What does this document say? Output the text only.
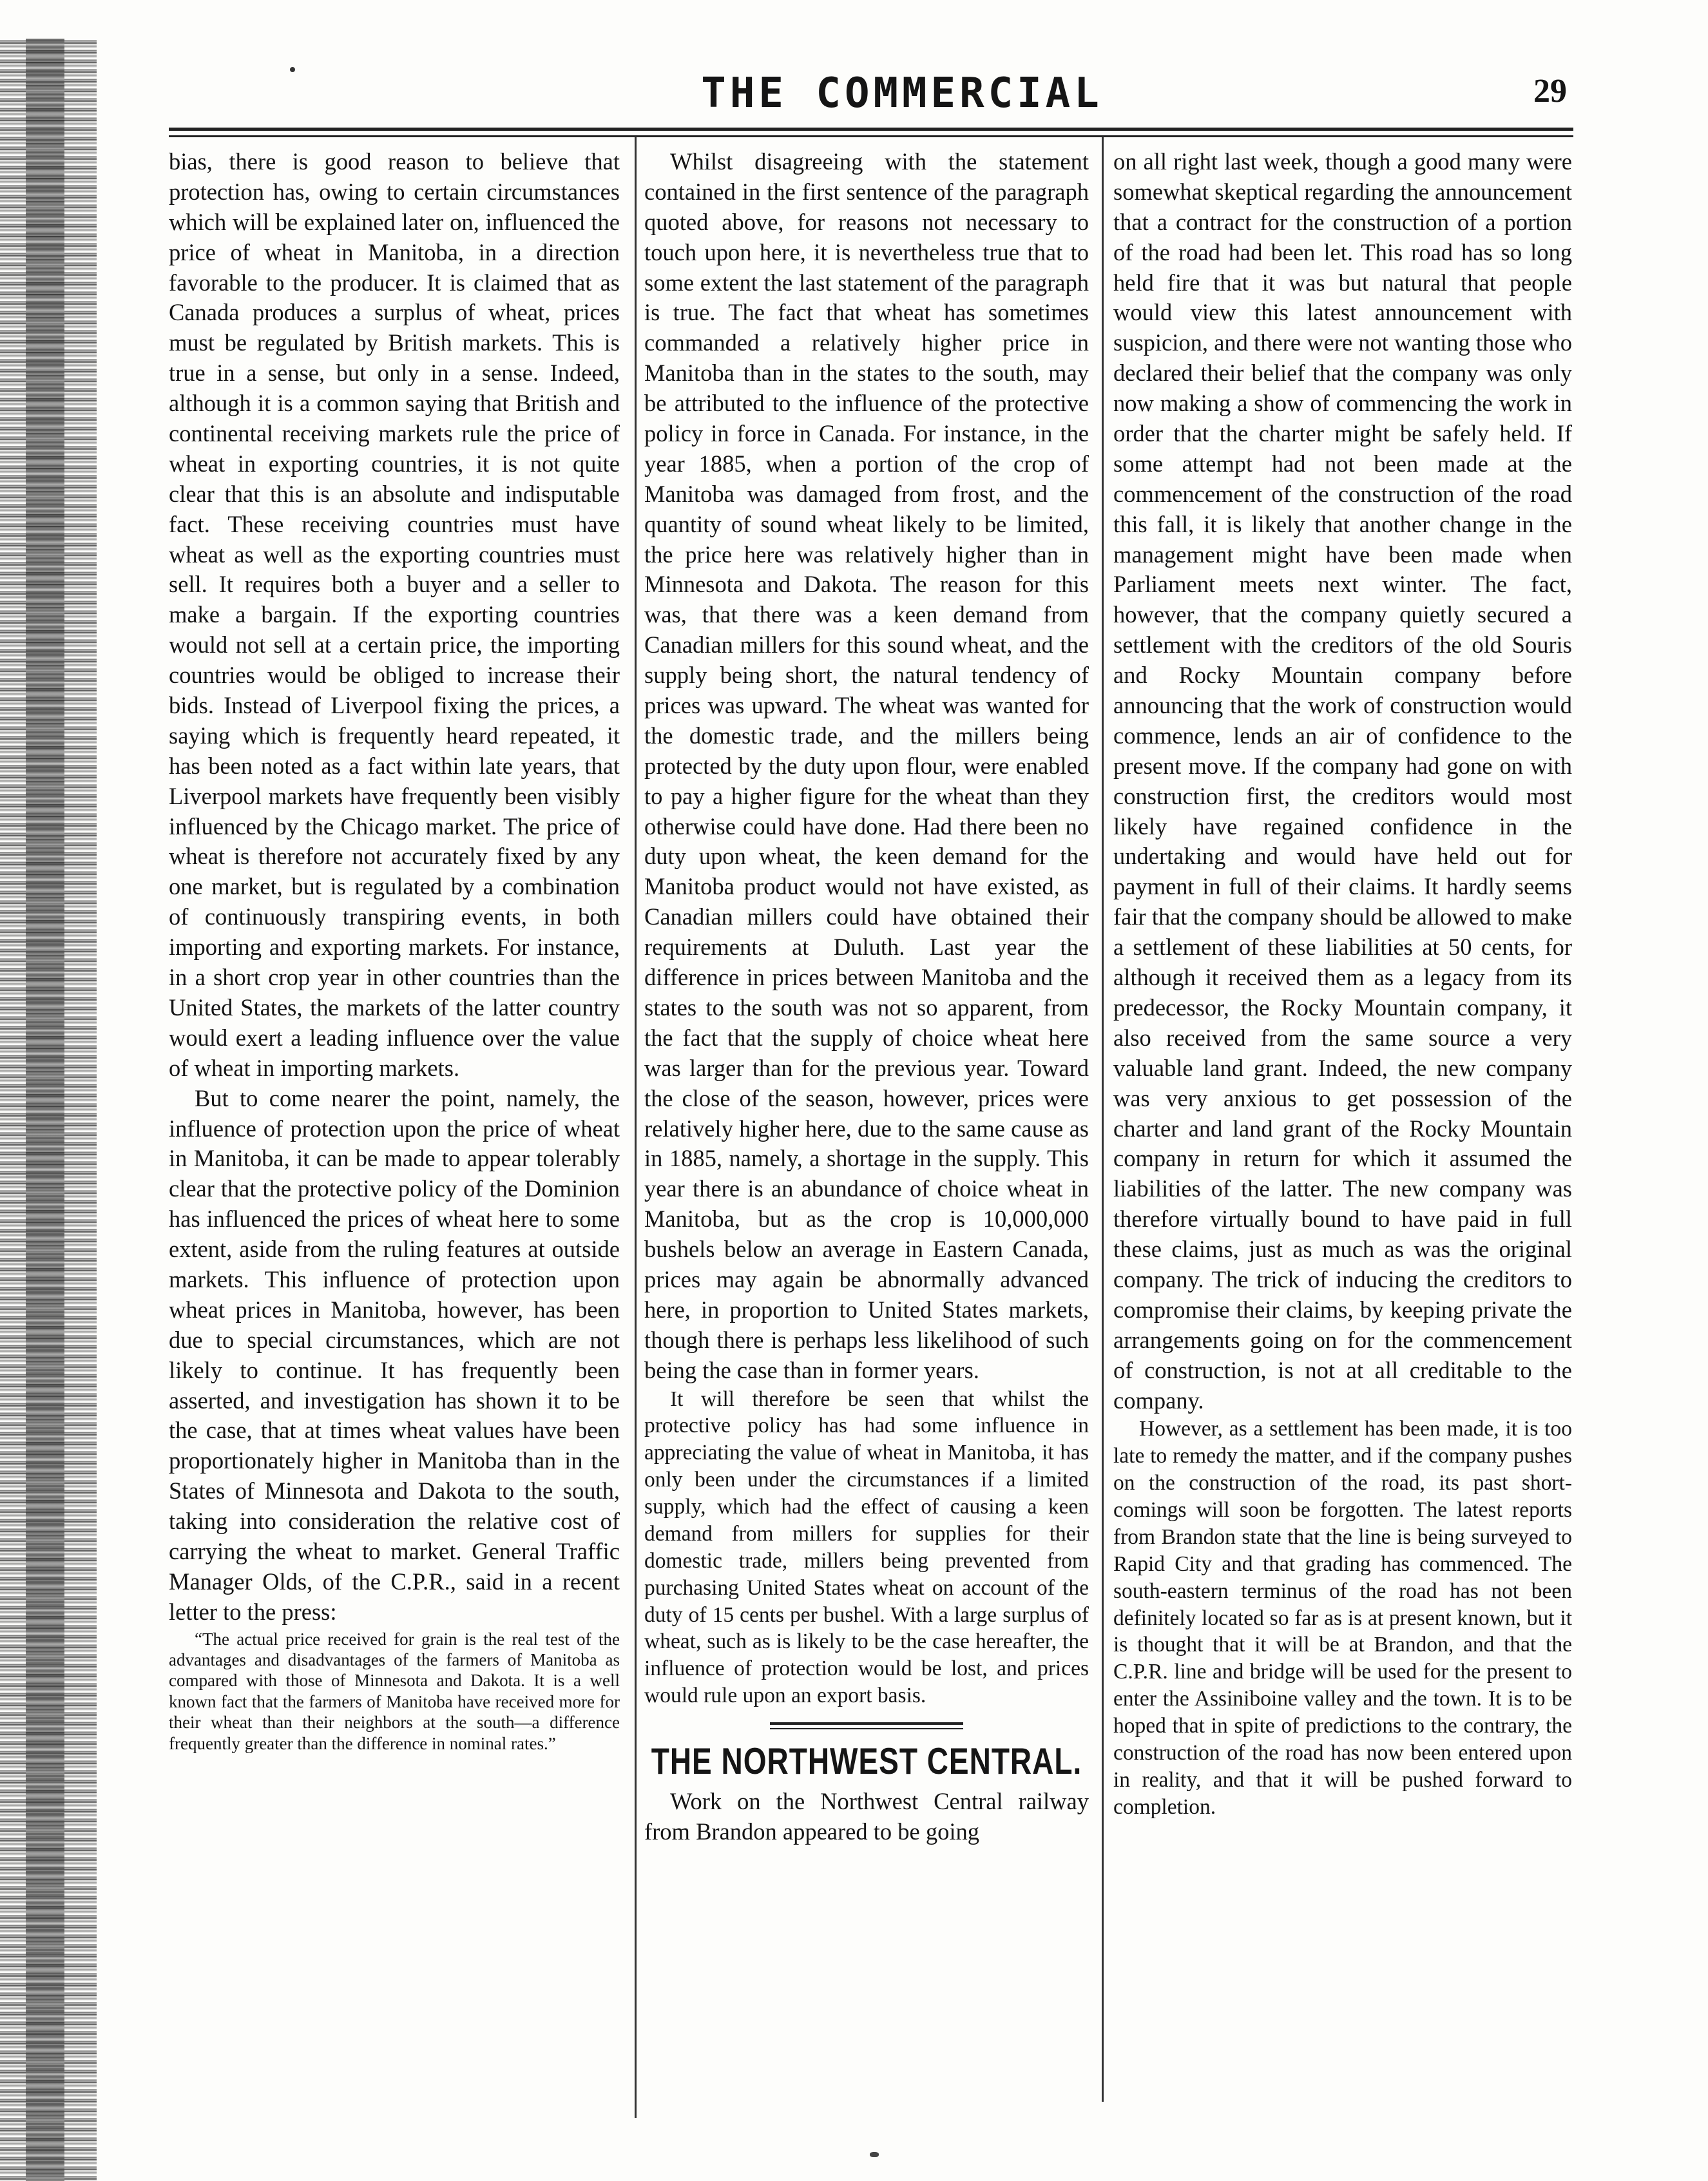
THE COMMERCIAL	29

bias, there is good reason to believe that protection has, owing to certain circumstances which will be explained later on, influenced the price of wheat in Manitoba, in a direction favorable to the producer. It is claimed that as Canada produces a surplus of wheat, prices must be regulated by British markets. This is true in a sense, but only in a sense. Indeed, although it is a common saying that British and continental receiving markets rule the price of wheat in exporting countries, it is not quite clear that this is an absolute and indisputable fact. These receiving countries must have wheat as well as the exporting countries must sell. It requires both a buyer and a seller to make a bargain. If the exporting countries would not sell at a certain price, the importing countries would be obliged to increase their bids. Instead of Liverpool fixing the prices, a saying which is frequently heard repeated, it has been noted as a fact within late years, that Liverpool markets have frequently been visibly influenced by the Chicago market. The price of wheat is therefore not accurately fixed by any one market, but is regulated by a combination of continuously transpiring events, in both importing and exporting markets. For instance, in a short crop year in other countries than the United States, the markets of the latter country would exert a leading influence over the value of wheat in importing markets.

But to come nearer the point, namely, the influence of protection upon the price of wheat in Manitoba, it can be made to appear tolerably clear that the protective policy of the Dominion has influenced the prices of wheat here to some extent, aside from the ruling features at outside markets. This influence of protection upon wheat prices in Manitoba, however, has been due to special circumstances, which are not likely to continue. It has frequently been asserted, and investigation has shown it to be the case, that at times wheat values have been proportionately higher in Manitoba than in the States of Minnesota and Dakota to the south, taking into consideration the relative cost of carrying the wheat to market. General Traffic Manager Olds, of the C.P.R., said in a recent letter to the press:

“The actual price received for grain is the real test of the advantages and disadvantages of the farmers of Manitoba as compared with those of Minnesota and Dakota. It is a well known fact that the farmers of Manitoba have received more for their wheat than their neighbors at the south—a difference frequently greater than the difference in nominal rates.”

Whilst disagreeing with the statement contained in the first sentence of the paragraph quoted above, for reasons not necessary to touch upon here, it is nevertheless true that to some extent the last statement of the paragraph is true. The fact that wheat has sometimes commanded a relatively higher price in Manitoba than in the states to the south, may be attributed to the influence of the protective policy in force in Canada. For instance, in the year 1885, when a portion of the crop of Manitoba was damaged from frost, and the quantity of sound wheat likely to be limited, the price here was relatively higher than in Minnesota and Dakota. The reason for this was, that there was a keen demand from Canadian millers for this sound wheat, and the supply being short, the natural tendency of prices was upward. The wheat was wanted for the domestic trade, and the millers being protected by the duty upon flour, were enabled to pay a higher figure for the wheat than they otherwise could have done. Had there been no duty upon wheat, the keen demand for the Manitoba product would not have existed, as Canadian millers could have obtained their requirements at Duluth. Last year the difference in prices between Manitoba and the states to the south was not so apparent, from the fact that the supply of choice wheat here was larger than for the previous year. Toward the close of the season, however, prices were relatively higher here, due to the same cause as in 1885, namely, a shortage in the supply. This year there is an abundance of choice wheat in Manitoba, but as the crop is 10,000,000 bushels below an average in Eastern Canada, prices may again be abnormally advanced here, in proportion to United States markets, though there is perhaps less likelihood of such being the case than in former years.

It will therefore be seen that whilst the protective policy has had some influence in appreciating the value of wheat in Manitoba, it has only been under the circumstances if a limited supply, which had the effect of causing a keen demand from millers for supplies for their domestic trade, millers being prevented from purchasing United States wheat on account of the duty of 15 cents per bushel. With a large surplus of wheat, such as is likely to be the case hereafter, the influence of protection would be lost, and prices would rule upon an export basis.

THE NORTHWEST CENTRAL.

Work on the Northwest Central railway from Brandon appeared to be going

on all right last week, though a good many were somewhat skeptical regarding the announcement that a contract for the construction of a portion of the road had been let. This road has so long held fire that it was but natural that people would view this latest announcement with suspicion, and there were not wanting those who declared their belief that the company was only now making a show of commencing the work in order that the charter might be safely held. If some attempt had not been made at the commencement of the construction of the road this fall, it is likely that another change in the management might have been made when Parliament meets next winter. The fact, however, that the company quietly secured a settlement with the creditors of the old Souris and Rocky Mountain company before announcing that the work of construction would commence, lends an air of confidence to the present move. If the company had gone on with construction first, the creditors would most likely have regained confidence in the undertaking and would have held out for payment in full of their claims. It hardly seems fair that the company should be allowed to make a settlement of these liabilities at 50 cents, for although it received them as a legacy from its predecessor, the Rocky Mountain company, it also received from the same source a very valuable land grant. Indeed, the new company was very anxious to get possession of the charter and land grant of the Rocky Mountain company in return for which it assumed the liabilities of the latter. The new company was therefore virtually bound to have paid in full these claims, just as much as was the original company. The trick of inducing the creditors to compromise their claims, by keeping private the arrangements going on for the commencement of construction, is not at all creditable to the company.

However, as a settlement has been made, it is too late to remedy the matter, and if the company pushes on the construction of the road, its past short-comings will soon be forgotten. The latest reports from Brandon state that the line is being surveyed to Rapid City and that grading has commenced. The south-eastern terminus of the road has not been definitely located so far as is at present known, but it is thought that it will be at Brandon, and that the C.P.R. line and bridge will be used for the present to enter the Assiniboine valley and the town. It is to be hoped that in spite of predictions to the contrary, the construction of the road has now been entered upon in reality, and that it will be pushed forward to completion.
